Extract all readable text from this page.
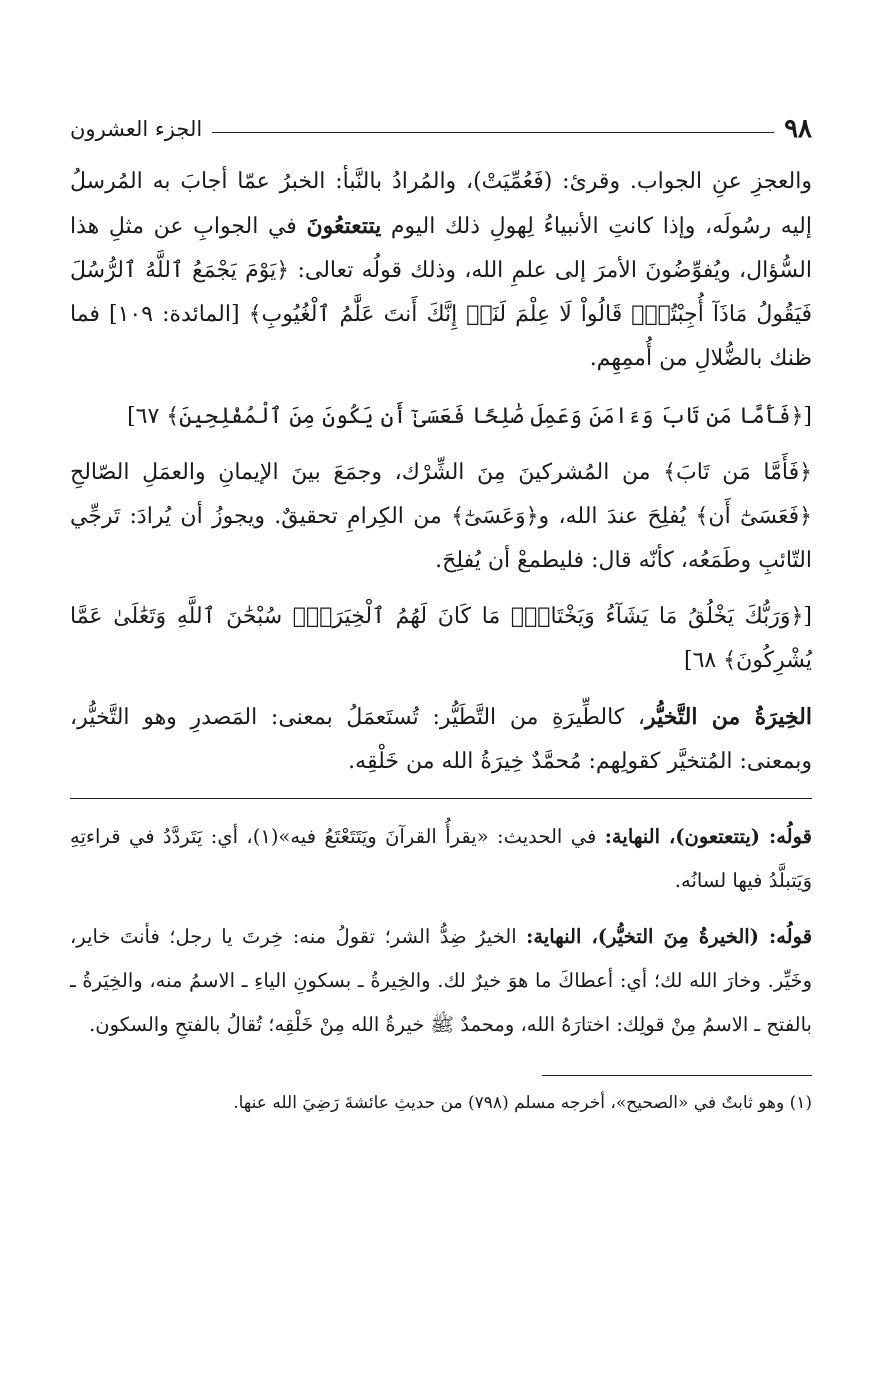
٩٨
الجزء العشرون

والعجزِ عنِ الجواب. وقرئ: (فَعُمِّيَتْ)، والمُرادُ بالنَّبأ: الخبرُ عمّا أجابَ به المُرسلُ إليه رسُولَه، وإذا كانتِ الأنبياءُ لِهولِ ذلك اليوم يتتعتعُونَ في الجوابِ عن مثلِ هذا السُّؤال، ويُفوِّضُونَ الأمرَ إلى علمِ الله، وذلك قولُه تعالى: ﴿يَوْمَ يَجْمَعُ ٱللَّهُ ٱلرُّسُلَ فَيَقُولُ مَاذَآ أُجِبْتُمْۖ قَالُواْ لَا عِلْمَ لَنَآۖ إِنَّكَ أَنتَ عَلَّٰمُ ٱلْغُيُوبِ﴾ [المائدة: ١٠٩] فما ظنك بالضُّلالِ من أُممِهِم.

[﴿فَأَمَّا مَن تَابَ وَءَامَنَ وَعَمِلَ صَٰلِحًا فَعَسَىٰٓ أَن يَكُونَ مِنَ ٱلْمُفْلِحِينَ﴾ ٦٧]

﴿فَأَمَّا مَن تَابَ﴾ من المُشركينَ مِنَ الشِّرْك، وجمَعَ بينَ الإيمانِ والعمَلِ الصّالحِ ﴿فَعَسَىٰٓ أَن﴾ يُفلِحَ عندَ الله، و﴿وَعَسَىٰٓ﴾ من الكِرامِ تحقيقٌ. ويجوزُ أن يُرادَ: تَرجِّي التّائبِ وطَمَعُه، كأنّه قال: فليطمعْ أن يُفلِحَ.

[﴿وَرَبُّكَ يَخْلُقُ مَا يَشَآءُ وَيَخْتَارُۗ مَا كَانَ لَهُمُ ٱلْخِيَرَةُۚ سُبْحَٰنَ ٱللَّهِ وَتَعَٰلَىٰ عَمَّا يُشْرِكُونَ﴾ ٦٨]

الخِيرَةُ من التَّخيُّر، كالطِّيرَةِ من التَّطَيُّر: تُستَعمَلُ بمعنى: المَصدرِ وهو التَّخيُّر، وبمعنى: المُتخيَّر كقولِهم: مُحمَّدٌ خِيرَةُ الله من خَلْقِه.

قولُه: (يتتعتعون)، النهاية: في الحديث: «يقرأُ القرآنَ ويَتَتَعْتَعُ فيه»(١)، أي: يَتَردَّدُ في قراءتِهِ وَيَتبلَّدُ فيها لسانُه.

قولُه: (الخيرةُ مِنَ التخيُّر)، النهاية: الخيرُ ضِدُّ الشر؛ تقولُ منه: خِرتَ يا رجل؛ فأنتَ خاير، وخَيِّر. وخارَ الله لك؛ أي: أعطاكَ ما هوَ خيرٌ لك. والخِيرةُ ـ بسكونِ الياءِ ـ الاسمُ منه، والخِيَرةُ ـ بالفتح ـ الاسمُ مِنْ قولِك: اختارَهُ الله، ومحمدٌ ﷺ خيرةُ الله مِنْ خَلْقِه؛ تُقالُ بالفتحِ والسكون.

(١) وهو ثابتٌ في «الصحيح»، أخرجه مسلم (٧٩٨) من حديثِ عائشةَ رَضِيَ الله عنها.
